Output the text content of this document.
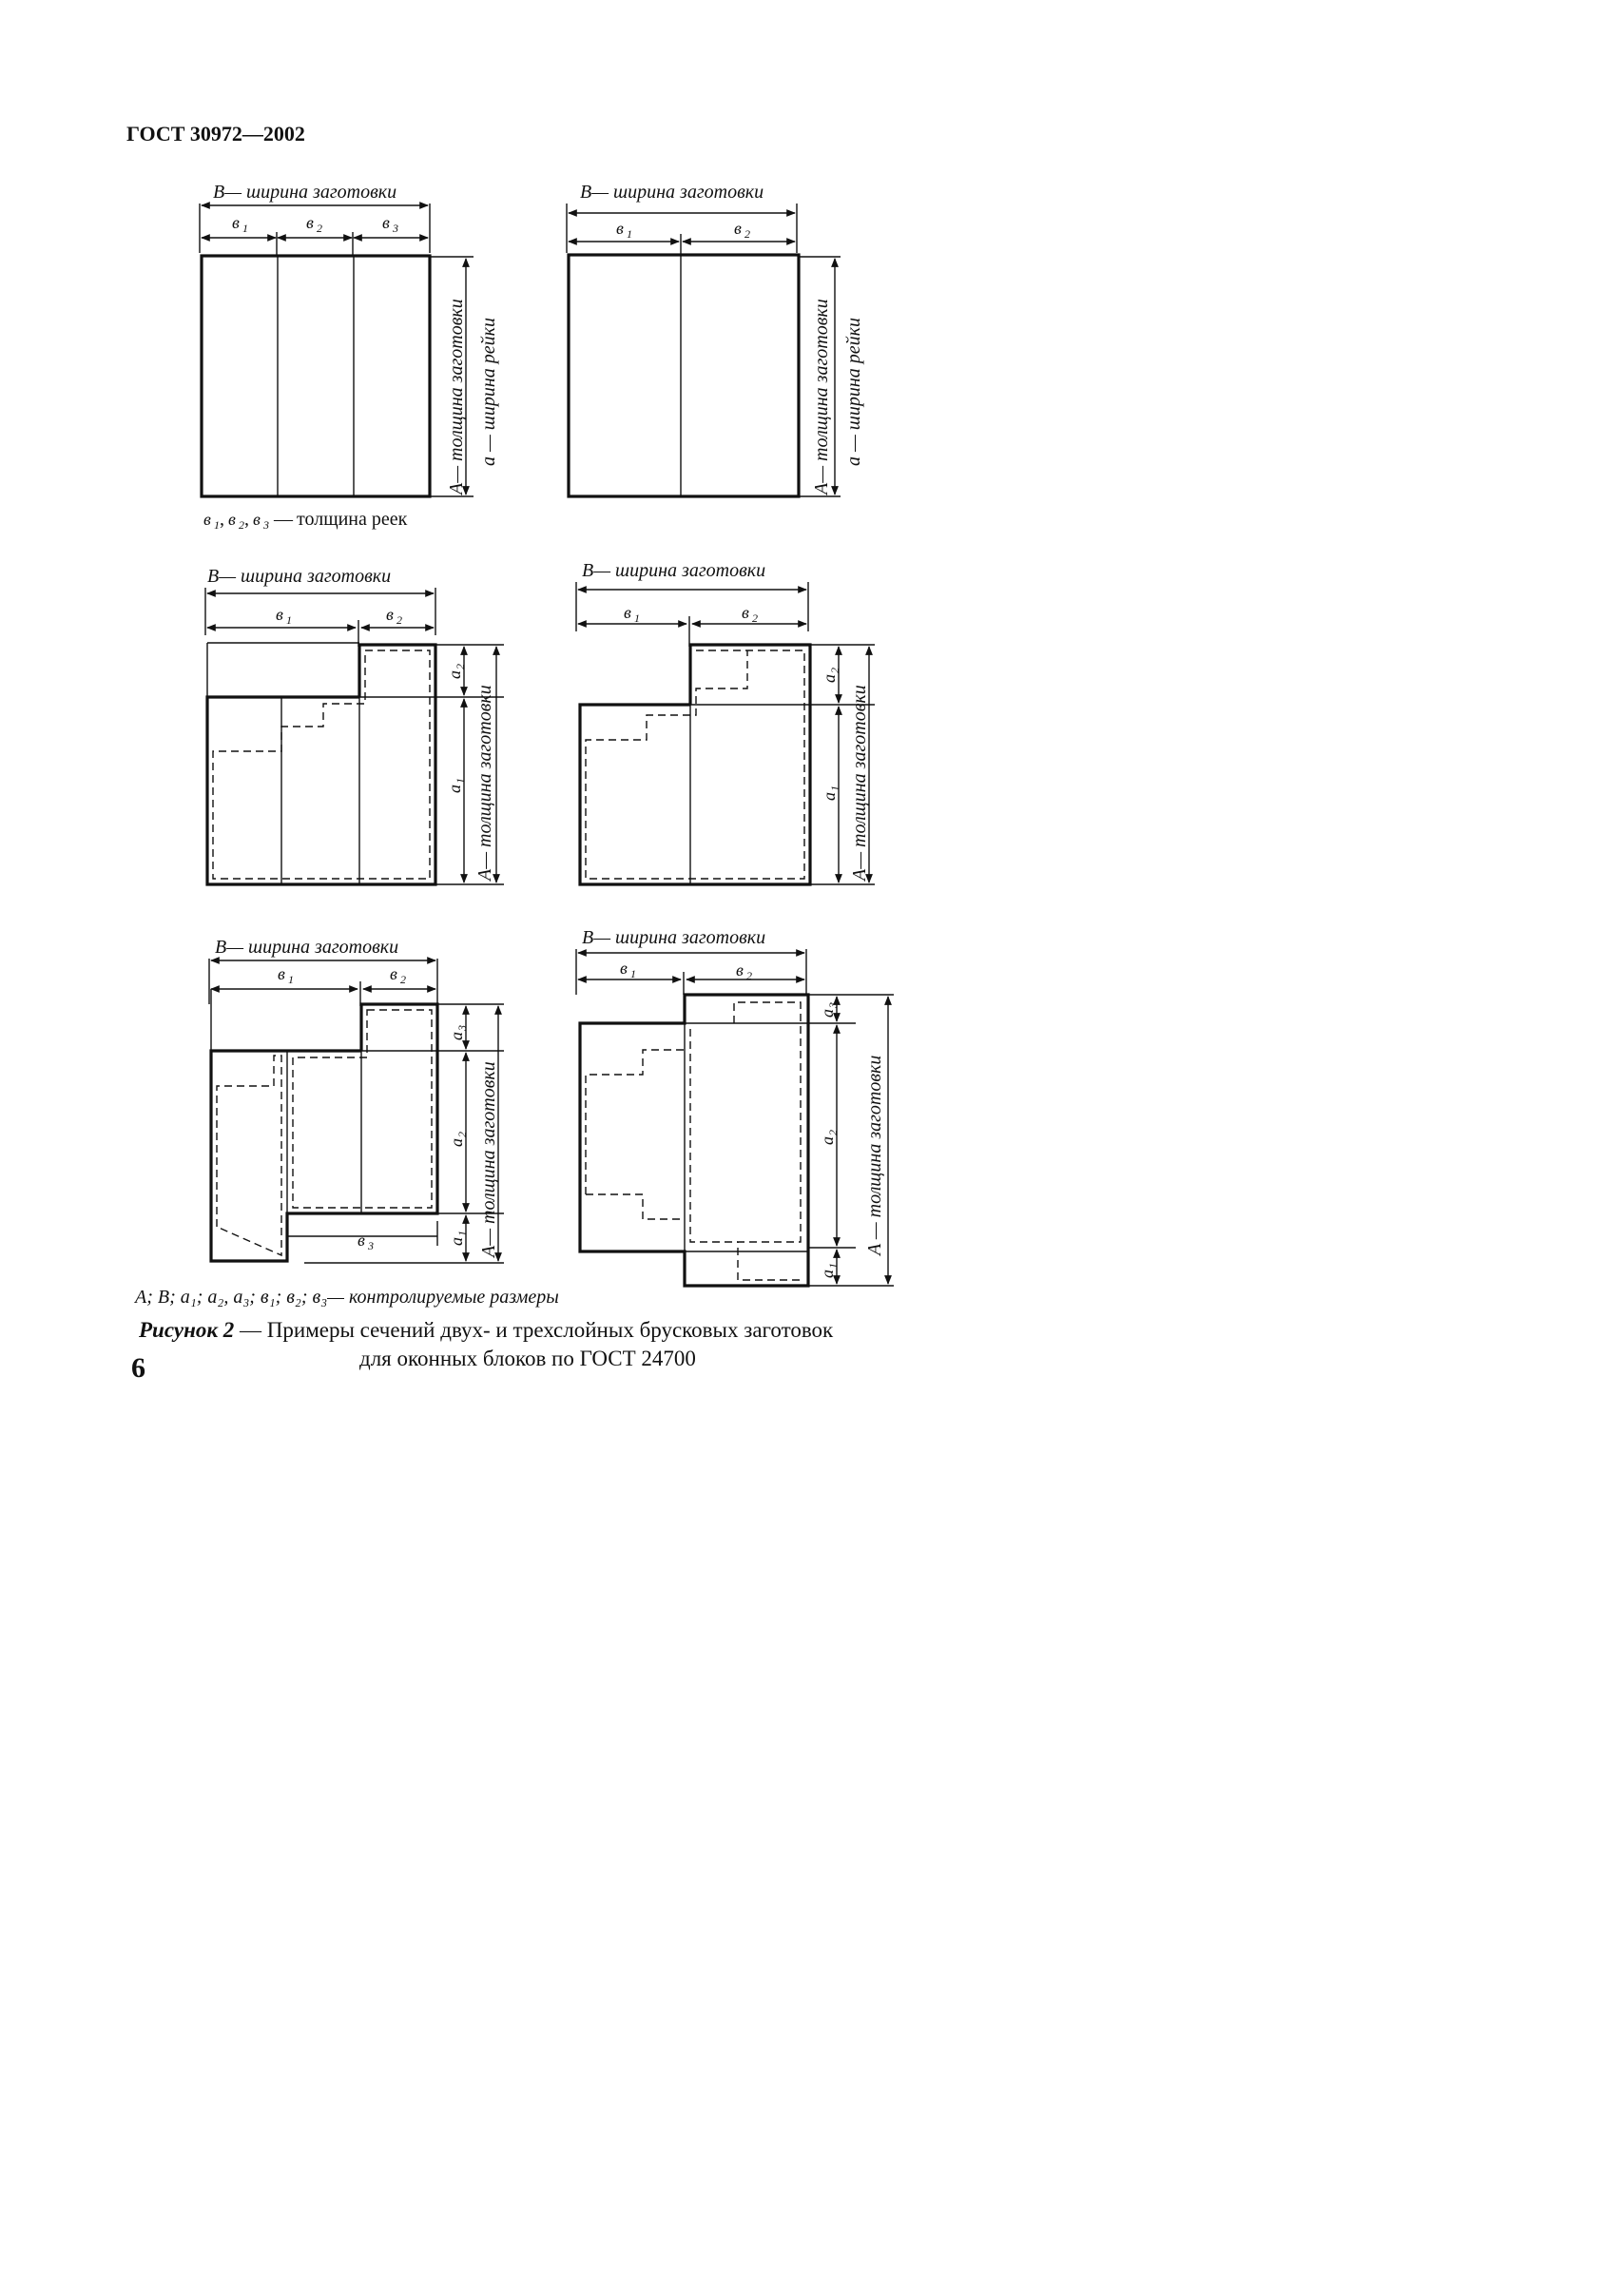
ГОСТ 30972—2002
B— ширина заготовки
в 1	в 2	в 3
A— толщина заготовки a — ширина рейки
в 1 , в 2 , в 3 — толщина реек
B— ширина заготовки
в 1	в 2
A— толщина заготовки a — ширина рейки
B— ширина заготовки
в 1	в 2
a
2
a
1 A— толщина заготовки
B— ширина заготовки
в 1	в 2
a
2
a
1 A— толщина заготовки
B— ширина заготовки
в 1	в 2
в 3
a
3
a
2
a
1 A— толщина заготовки
B— ширина заготовки
в 1	в 2
a
3
a
2
a
1
A — толщина заготовки
A; B; a₁; a₂, a₃; в₁; в₂; в₃— контролируемые размеры
Рисунок 2 — Примеры сечений двух- и трехслойных брусковых заготовок
для оконных блоков по ГОСТ 24700
6
